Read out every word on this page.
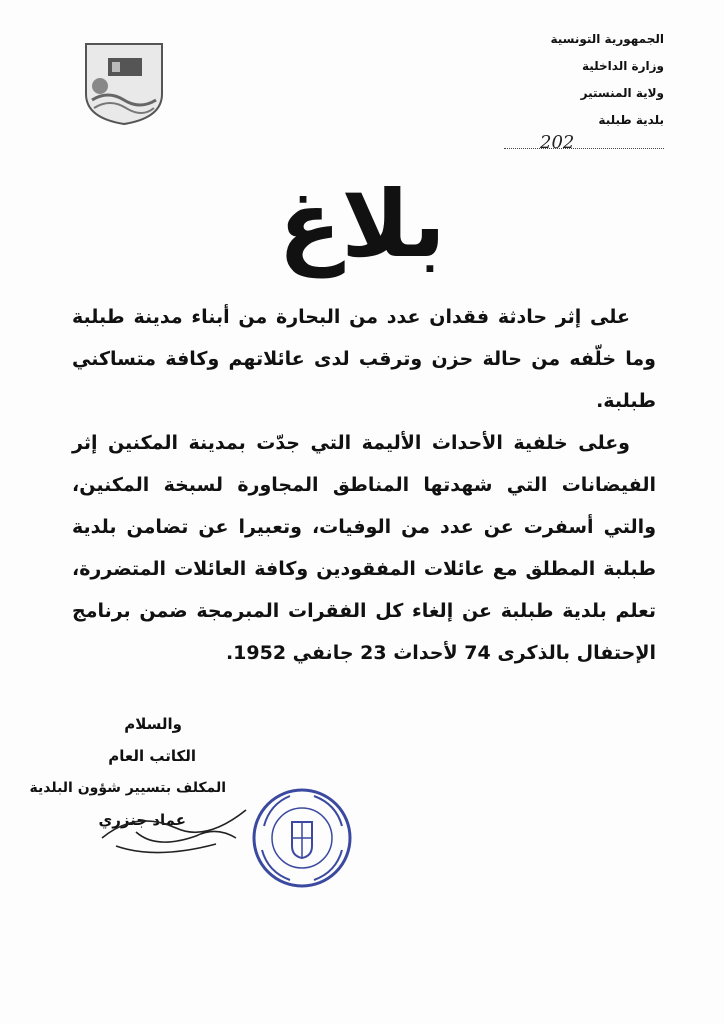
الجمهورية التونسية
وزارة الداخلية
ولاية المنستير
بلدية طبلبة
202
بلاغ

على إثر حادثة فقدان عدد من البحارة من أبناء مدينة طبلبة وما خلّفه من حالة حزن وترقب لدى عائلاتهم وكافة متساكني طبلبة.

وعلى خلفية الأحداث الأليمة التي جدّت بمدينة المكنين إثر الفيضانات التي شهدتها المناطق المجاورة لسبخة المكنين، والتي أسفرت عن عدد من الوفيات، وتعبيرا عن تضامن بلدية طبلبة المطلق مع عائلات المفقودين وكافة العائلات المتضررة، تعلم بلدية طبلبة عن إلغاء كل الفقرات المبرمجة ضمن برنامج الإحتفال بالذكرى 74 لأحداث 23 جانفي 1952.

والسلام
الكاتب العام
المكلف بتسيير شؤون البلدية
عماد جنزري
